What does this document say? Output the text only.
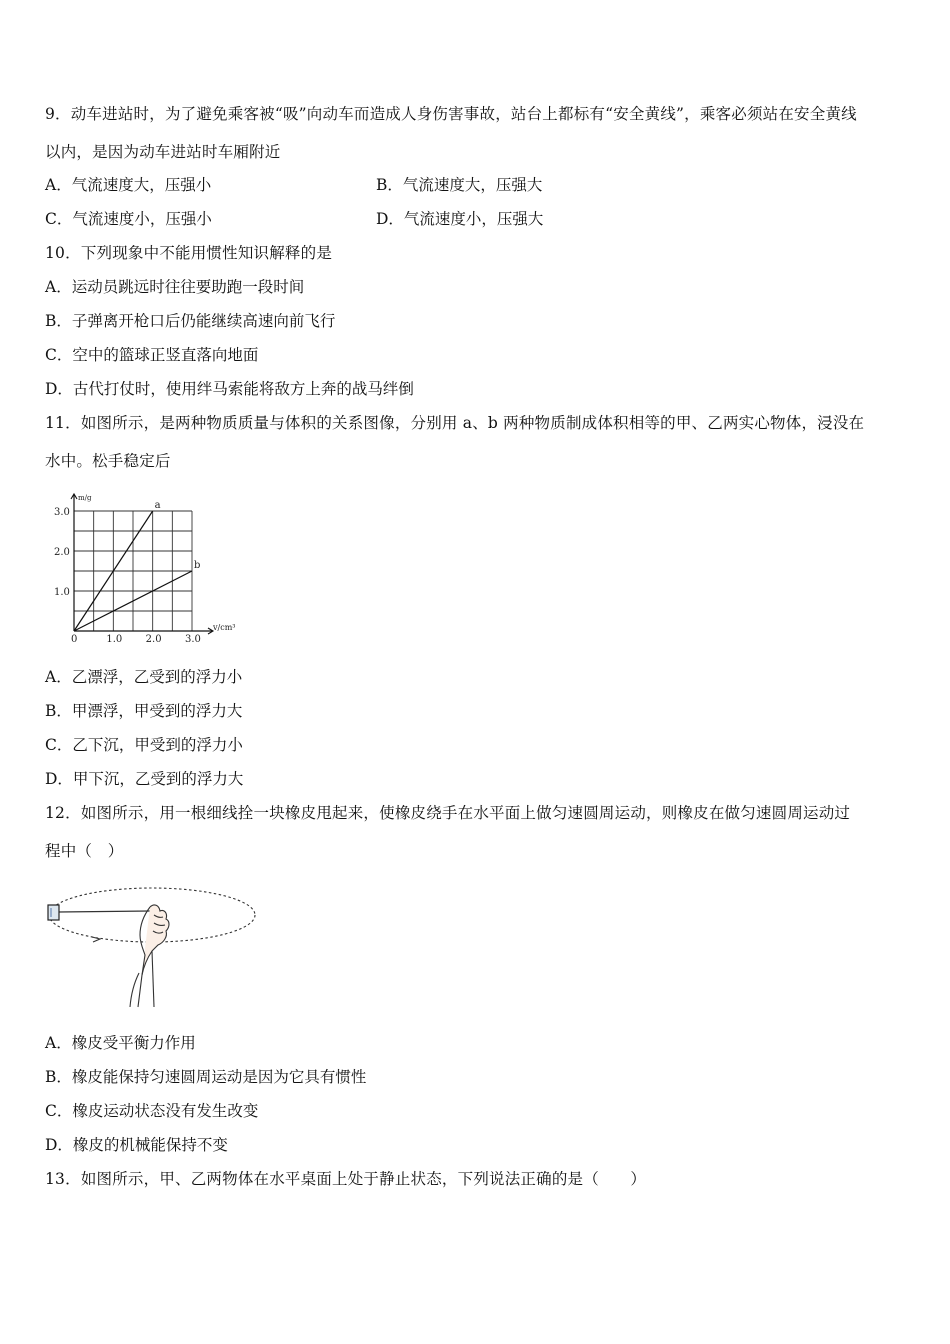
9．动车进站时，为了避免乘客被“吸”向动车而造成人身伤害事故，站台上都标有“安全黄线”，乘客必须站在安全黄线
以内，是因为动车进站时车厢附近
A．气流速度大，压强小	B．气流速度大，压强大
C．气流速度小，压强小	D．气流速度小，压强大
10．下列现象中不能用惯性知识解释的是
A．运动员跳远时往往要助跑一段时间
B．子弹离开枪口后仍能继续高速向前飞行
C．空中的篮球正竖直落向地面
D．古代打仗时，使用绊马索能将敌方上奔的战马绊倒
11．如图所示，是两种物质质量与体积的关系图像，分别用 a、b 两种物质制成体积相等的甲、乙两实心物体，浸没在
水中。松手稳定后
0	1.0 2.0 3.0
1.0
2.0
3.0
a
b
v/cm³
m/g
A．乙漂浮，乙受到的浮力小
B．甲漂浮，甲受到的浮力大
C．乙下沉，甲受到的浮力小
D．甲下沉，乙受到的浮力大
12．如图所示，用一根细线拴一块橡皮甩起来，使橡皮绕手在水平面上做匀速圆周运动，则橡皮在做匀速圆周运动过
程中（　）
A．橡皮受平衡力作用
B．橡皮能保持匀速圆周运动是因为它具有惯性
C．橡皮运动状态没有发生改变
D．橡皮的机械能保持不变
13．如图所示，甲、乙两物体在水平桌面上处于静止状态，下列说法正确的是（　　）
